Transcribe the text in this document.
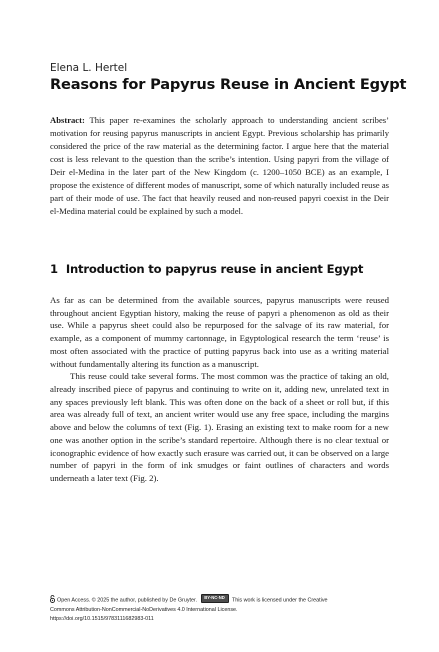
Elena L. Hertel
Reasons for Papyrus Reuse in Ancient Egypt
Abstract: This paper re-examines the scholarly approach to understanding ancient scribes’ motivation for reusing papyrus manuscripts in ancient Egypt. Previous scholarship has primarily considered the price of the raw material as the determining factor. I argue here that the material cost is less relevant to the question than the scribe’s intention. Using papyri from the village of Deir el-Medina in the later part of the New Kingdom (c. 1200–1050 BCE) as an example, I propose the existence of different modes of manuscript, some of which naturally included reuse as part of their mode of use. The fact that heavily reused and non-reused papyri coexist in the Deir el-Medina material could be explained by such a model.
1 Introduction to papyrus reuse in ancient Egypt

As far as can be determined from the available sources, papyrus manuscripts were reused throughout ancient Egyptian history, making the reuse of papyri a phenomenon as old as their use. While a papyrus sheet could also be repurposed for the salvage of its raw material, for example, as a component of mummy cartonnage, in Egyptological research the term ‘reuse’ is most often associated with the practice of putting papyrus back into use as a writing material without fundamentally altering its function as a manuscript.

This reuse could take several forms. The most common was the practice of taking an old, already inscribed piece of papyrus and continuing to write on it, adding new, unrelated text in any spaces previously left blank. This was often done on the back of a sheet or roll but, if this area was already full of text, an ancient writer would use any free space, including the margins above and below the columns of text (Fig. 1). Erasing an existing text to make room for a new one was another option in the scribe’s standard repertoire. Although there is no clear textual or iconographic evidence of how exactly such erasure was carried out, it can be observed on a large number of papyri in the form of ink smudges or faint outlines of characters and words underneath a later text (Fig. 2).

Open Access. © 2025 the author, published by De Gruyter.	BY-NC-ND	This work is licensed under the Creative
Commons Attribution-NonCommercial-NoDerivatives 4.0 International License.
https://doi.org/10.1515/9783111682983-011
